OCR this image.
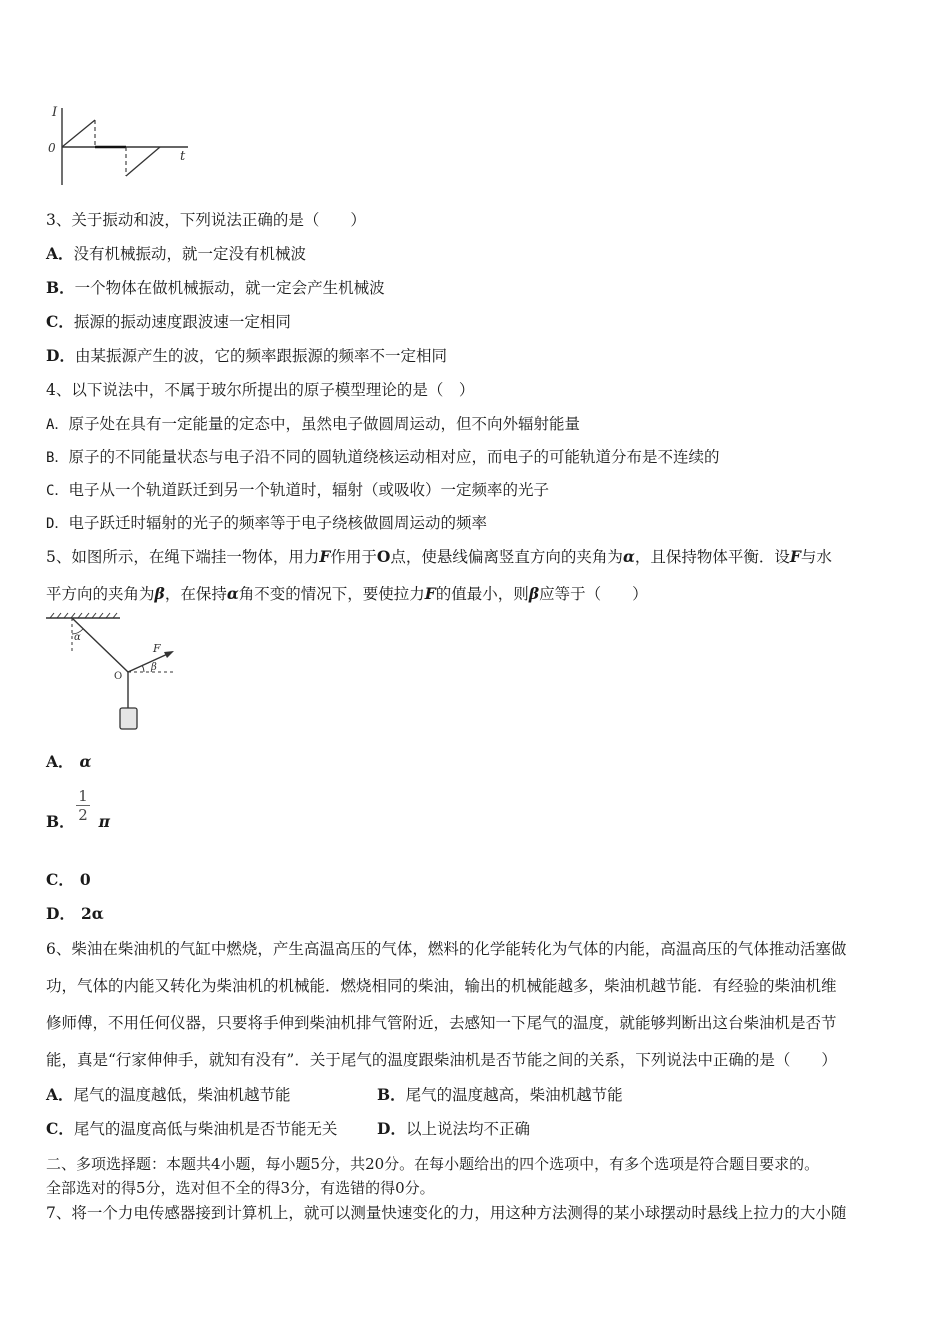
I
0
t
3、关于振动和波，下列说法正确的是（　　）
A．没有机械振动，就一定没有机械波
B．一个物体在做机械振动，就一定会产生机械波
C．振源的振动速度跟波速一定相同
D．由某振源产生的波，它的频率跟振源的频率不一定相同
4、以下说法中，不属于玻尔所提出的原子模型理论的是（　）
A．原子处在具有一定能量的定态中，虽然电子做圆周运动，但不向外辐射能量
B．原子的不同能量状态与电子沿不同的圆轨道绕核运动相对应，而电子的可能轨道分布是不连续的
C．电子从一个轨道跃迁到另一个轨道时，辐射（或吸收）一定频率的光子
D．电子跃迁时辐射的光子的频率等于电子绕核做圆周运动的频率
5、如图所示，在绳下端挂一物体，用力F作用于O点，使悬线偏离竖直方向的夹角为α，且保持物体平衡．设F与水
平方向的夹角为β，在保持α角不变的情况下，要使拉力F的值最小，则β应等于（　　）
α
F
β
O
A． α
B． π
1
2
C． 0
D． 2α
6、柴油在柴油机的气缸中燃烧，产生高温高压的气体，燃料的化学能转化为气体的内能，高温高压的气体推动活塞做
功，气体的内能又转化为柴油机的机械能．燃烧相同的柴油，输出的机械能越多，柴油机越节能．有经验的柴油机维
修师傅，不用任何仪器，只要将手伸到柴油机排气管附近，去感知一下尾气的温度，就能够判断出这台柴油机是否节
能，真是“行家伸伸手，就知有没有”．关于尾气的温度跟柴油机是否节能之间的关系，下列说法中正确的是（　　）
A．尾气的温度越低，柴油机越节能	B．尾气的温度越高，柴油机越节能
C．尾气的温度高低与柴油机是否节能无关	D．以上说法均不正确
二、多项选择题：本题共4小题，每小题5分，共20分。在每小题给出的四个选项中，有多个选项是符合题目要求的。
全部选对的得5分，选对但不全的得3分，有选错的得0分。
7、将一个力电传感器接到计算机上，就可以测量快速变化的力，用这种方法测得的某小球摆动时悬线上拉力的大小随
